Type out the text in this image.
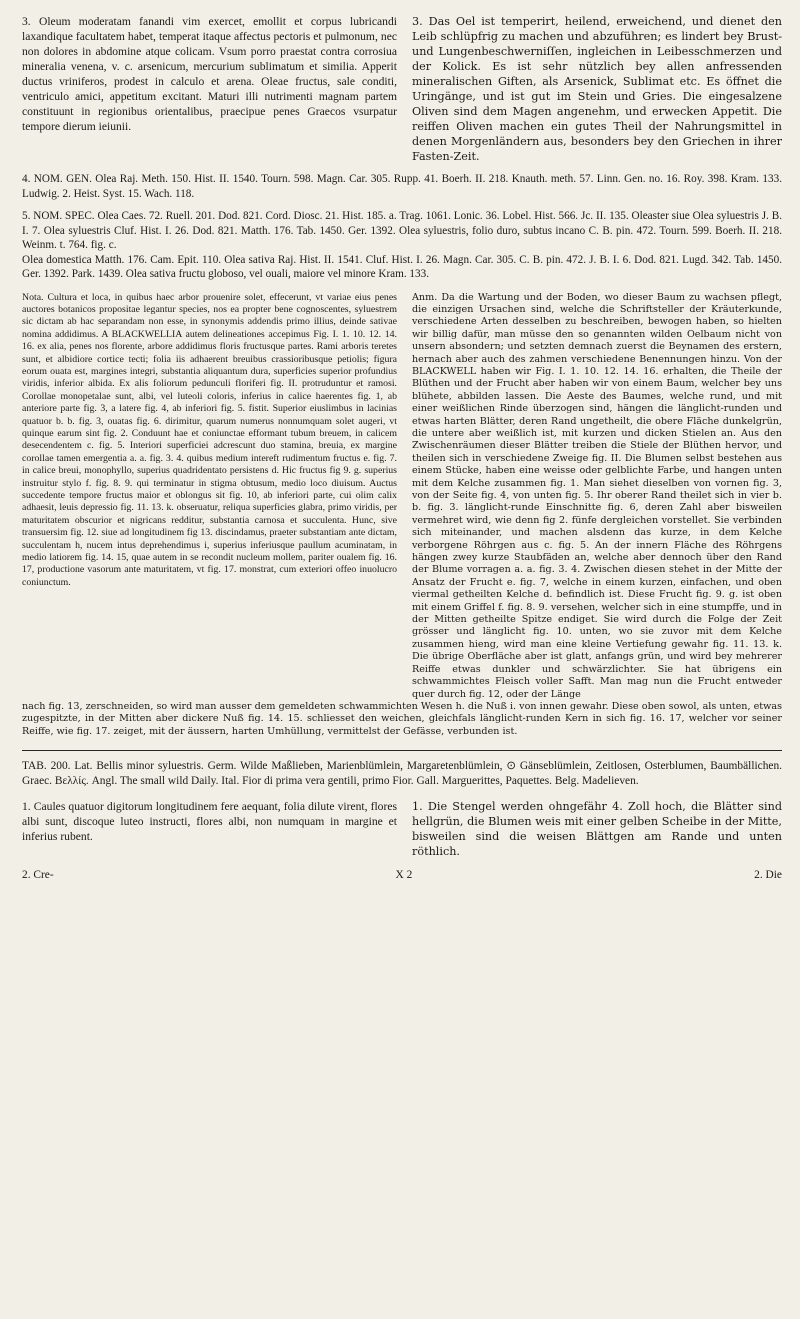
3. Oleum moderatam fanandi vim exercet, emollit et corpus lubricandi laxandique facultatem habet, temperat itaque affectus pectoris et pulmonum, nec non dolores in abdomine atque colicam. Vsum porro praestat contra corrosiua mineralia venena, v. c. arsenicum, mercurium sublimatum et similia. Apperit ductus vriniferos, prodest in calculo et arena. Oleae fructus, sale conditi, ventriculo amici, appetitum excitant. Maturi illi nutrimenti magnam partem constituunt in regionibus orientalibus, praecipue penes Graecos vsurpatur tempore dierum ieiunii.

3. Das Oel ist temperirt, heilend, erweichend, und dienet den Leib schlüpfrig zu machen und abzuführen; es lindert bey Brust- und Lungenbeschwerniſſen, ingleichen in Leibesschmerzen und der Kolick. Es ist sehr nützlich bey allen anfressenden mineralischen Giften, als Arsenick, Sublimat etc. Es öffnet die Uringänge, und ist gut im Stein und Gries. Die eingesalzene Oliven sind dem Magen angenehm, und erwecken Appetit. Die reiffen Oliven machen ein gutes Theil der Nahrungsmittel in denen Morgenländern aus, besonders bey den Griechen in ihrer Fasten-Zeit.

4. NOM. GEN. Olea Raj. Meth. 150. Hist. II. 1540. Tourn. 598. Magn. Car. 305. Rupp. 41. Boerh. II. 218. Knauth. meth. 57. Linn. Gen. no. 16. Roy. 398. Kram. 133. Ludwig. 2. Heist. Syst. 15. Wach. 118.

5. NOM. SPEC. Olea Caes. 72. Ruell. 201. Dod. 821. Cord. Diosc. 21. Hist. 185. a. Trag. 1061. Lonic. 36. Lobel. Hist. 566. Jc. II. 135. Oleaster siue Olea syluestris J. B. I. 7. Olea syluestris Cluf. Hist. I. 26. Dod. 821. Matth. 176. Tab. 1450. Ger. 1392. Olea syluestris, folio duro, subtus incano C. B. pin. 472. Tourn. 599. Boerh. II. 218. Weinm. t. 764. fig. c.

Olea domestica Matth. 176. Cam. Epit. 110. Olea sativa Raj. Hist. II. 1541. Cluf. Hist. I. 26. Magn. Car. 305. C. B. pin. 472. J. B. I. 6. Dod. 821. Lugd. 342. Tab. 1450. Ger. 1392. Park. 1439. Olea sativa fructu globoso, vel ouali, maiore vel minore Kram. 133.

Nota. Cultura et loca, in quibus haec arbor prouenire solet, effecerunt, vt variae eius penes auctores botanicos propositae legantur species, nos ea propter bene cognoscentes, syluestrem sic dictam ab hac separandam non esse, in synonymis addendis primo illius, deinde sativae nomina addidimus. A BLACKWELLIA autem delineationes accepimus Fig. I. 1. 10. 12. 14. 16. ex alia, penes nos florente, arbore addidimus floris fructusque partes. Rami arboris teretes sunt, et albidiore cortice tecti; folia iis adhaerent breuibus crassioribusque petiolis; figura eorum ouata est, margines integri, substantia aliquantum dura, superficies superior profundius viridis, inferior albida. Ex alis foliorum pedunculi floriferi fig. II. protruduntur et ramosi. Corollae monopetalae sunt, albi, vel luteoli coloris, inferius in calice haerentes fig. 1, ab anteriore parte fig. 3, a latere fig. 4, ab inferiori fig. 5. fistit. Superior eiuslimbus in lacinias quatuor b. b. fig. 3, ouatas fig. 6. dirimitur, quarum numerus nonnumquam solet augeri, vt quinque earum sint fig. 2. Conduunt hae et coniunctae efformant tubum breuem, in calicem desecendentem c. fig. 5. Interiori superficiei adcrescunt duo stamina, breuia, ex margine corollae tamen emergentia a. a. fig. 3. 4. quibus medium intereft rudimentum fructus e. fig. 7. in calice breui, monophyllo, superius quadridentato persistens d. Hic fructus fig 9. g. superius instruitur stylo f. fig. 8. 9. qui terminatur in stigma obtusum, medio loco diuisum. Auctus succedente tempore fructus maior et oblongus sit fig. 10, ab inferiori parte, cui olim calix adhaesit, leuis depressio fig. 11. 13. k. obseruatur, reliqua superficies glabra, primo viridis, per maturitatem obscurior et nigricans redditur, substantia carnosa et succulenta. Hunc, sive transuersim fig. 12. siue ad longitudinem fig 13. discindamus, praeter substantiam ante dictam, succulentam h, nucem intus deprehendimus i, superius inferiusque paullum acuminatam, in medio latiorem fig. 14. 15, quae autem in se recondit nucleum mollem, pariter oualem fig. 16. 17, productione vasorum ante maturitatem, vt fig. 17. monstrat, cum exteriori offeo inuolucro coniunctum.

Anm. Da die Wartung und der Boden, wo dieser Baum zu wachsen pflegt, die einzigen Ursachen sind, welche die Schriftsteller der Kräuterkunde, verschiedene Arten desselben zu beschreiben, bewogen haben, so hielten wir billig dafür, man müsse den so genannten wilden Oelbaum nicht von unsern absondern; und setzten demnach zuerst die Beynamen des erstern, hernach aber auch des zahmen verschiedene Benennungen hinzu. Von der BLACKWELL haben wir Fig. I. 1. 10. 12. 14. 16. erhalten, die Theile der Blüthen und der Frucht aber haben wir von einem Baum, welcher bey uns blühete, abbilden lassen. Die Aeste des Baumes, welche rund, und mit einer weißlichen Rinde überzogen sind, hängen die länglicht-runden und etwas harten Blätter, deren Rand ungetheilt, die obere Fläche dunkelgrün, die untere aber weißlich ist, mit kurzen und dicken Stielen an. Aus den Zwischenräumen dieser Blätter treiben die Stiele der Blüthen hervor, und theilen sich in verschiedene Zweige fig. II. Die Blumen selbst bestehen aus einem Stücke, haben eine weisse oder gelblichte Farbe, und hangen unten mit dem Kelche zusammen fig. 1. Man siehet dieselben von vornen fig. 3, von der Seite fig. 4, von unten fig. 5. Ihr oberer Rand theilet sich in vier b. b. fig. 3. länglicht-runde Einschnitte fig. 6, deren Zahl aber bisweilen vermehret wird, wie denn fig 2. fünfe dergleichen vorstellet. Sie verbinden sich miteinander, und machen alsdenn das kurze, in dem Kelche verborgene Röhrgen aus c. fig. 5. An der innern Fläche des Röhrgens hängen zwey kurze Staubfäden an, welche aber dennoch über den Rand der Blume vorragen a. a. fig. 3. 4. Zwischen diesen stehet in der Mitte der Ansatz der Frucht e. fig. 7, welche in einem kurzen, einfachen, und oben viermal getheilten Kelche d. befindlich ist. Diese Frucht fig. 9. g. ist oben mit einem Griffel f. fig. 8. 9. versehen, welcher sich in eine stumpffe, und in der Mitten getheilte Spitze endiget. Sie wird durch die Folge der Zeit grösser und länglicht fig. 10. unten, wo sie zuvor mit dem Kelche zusammen hieng, wird man eine kleine Vertiefung gewahr fig. 11. 13. k. Die übrige Oberfläche aber ist glatt, anfangs grün, und wird bey mehrerer Reiffe etwas dunkler und schwärzlichter. Sie hat übrigens ein schwammichtes Fleisch voller Safft. Man mag nun die Frucht entweder quer durch fig. 12, oder der Länge

nach fig. 13, zerschneiden, so wird man ausser dem gemeldeten schwammichten Wesen h. die Nuß i. von innen gewahr. Diese oben sowol, als unten, etwas zugespitzte, in der Mitten aber dickere Nuß fig. 14. 15. schliesset den weichen, gleichfals länglicht-runden Kern in sich fig. 16. 17, welcher vor seiner Reiffe, wie fig. 17. zeiget, mit der äussern, harten Umhüllung, vermittelst der Gefässe, verbunden ist.

TAB. 200. Lat. Bellis minor syluestris. Germ. Wilde Maßlieben, Marienblümlein, Margaretenblümlein, ⊙ Gänseblümlein, Zeitlosen, Osterblumen, Baumbällichen. Graec. Βελλίς. Angl. The small wild Daily. Ital. Fior di prima vera gentili, primo Fior. Gall. Marguerittes, Paquettes. Belg. Madelieven.

1. Caules quatuor digitorum longitudinem fere aequant, folia dilute virent, flores albi sunt, discoque luteo instructi, flores albi, non numquam in margine et inferius rubent.

1. Die Stengel werden ohngefähr 4. Zoll hoch, die Blätter sind hellgrün, die Blumen weis mit einer gelben Scheibe in der Mitte, bisweilen sind die weisen Blättgen am Rande und unten röthlich.

2. Cre-	X 2	2. Die
